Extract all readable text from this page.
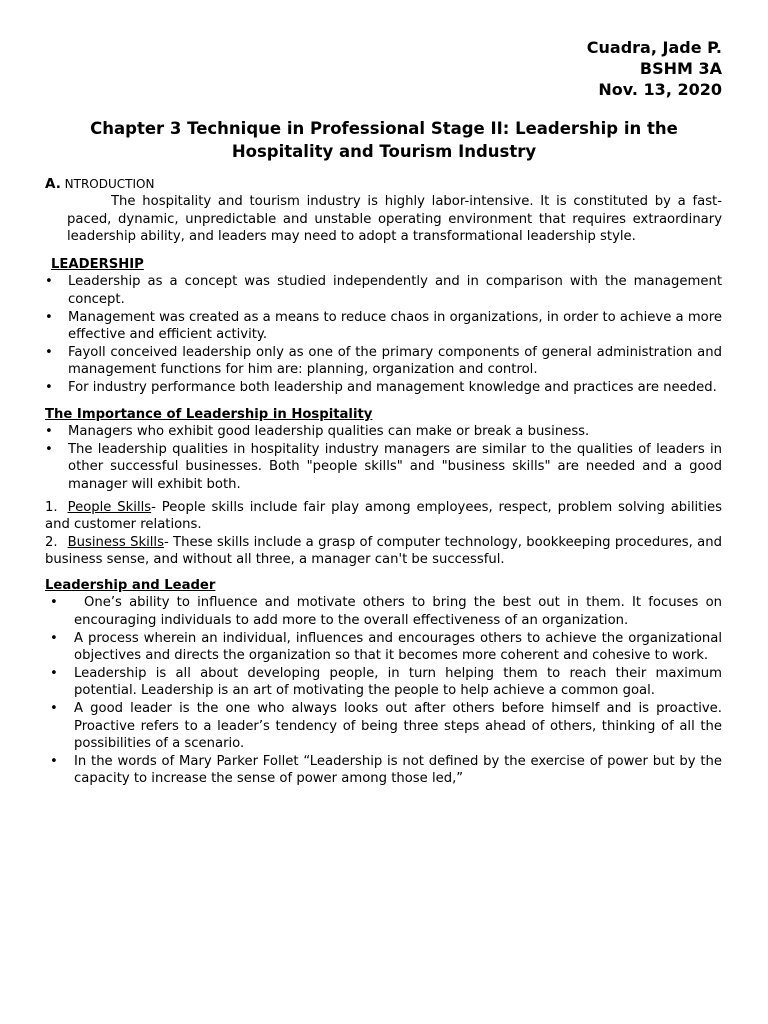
Cuadra, Jade P.
BSHM 3A
Nov. 13, 2020
Chapter 3 Technique in Professional Stage II: Leadership in the Hospitality and Tourism Industry

A. NTRODUCTION

The hospitality and tourism industry is highly labor-intensive. It is constituted by a fast-paced, dynamic, unpredictable and unstable operating environment that requires extraordinary leadership ability, and leaders may need to adopt a transformational leadership style.

LEADERSHIP

• Leadership as a concept was studied independently and in comparison with the management concept.
• Management was created as a means to reduce chaos in organizations, in order to achieve a more effective and efficient activity.
• Fayoll conceived leadership only as one of the primary components of general administration and management functions for him are: planning, organization and control.
• For industry performance both leadership and management knowledge and practices are needed.

The Importance of Leadership in Hospitality

• Managers who exhibit good leadership qualities can make or break a business.
• The leadership qualities in hospitality industry managers are similar to the qualities of leaders in other successful businesses. Both "people skills" and "business skills" are needed and a good manager will exhibit both.

1. People Skills- People skills include fair play among employees, respect, problem solving abilities and customer relations.

2. Business Skills- These skills include a grasp of computer technology, bookkeeping procedures, and business sense, and without all three, a manager can't be successful.

Leadership and Leader

• One’s ability to influence and motivate others to bring the best out in them. It focuses on encouraging individuals to add more to the overall effectiveness of an organization.
• A process wherein an individual, influences and encourages others to achieve the organizational objectives and directs the organization so that it becomes more coherent and cohesive to work.
• Leadership is all about developing people, in turn helping them to reach their maximum potential. Leadership is an art of motivating the people to help achieve a common goal.
• A good leader is the one who always looks out after others before himself and is proactive. Proactive refers to a leader’s tendency of being three steps ahead of others, thinking of all the possibilities of a scenario.
• In the words of Mary Parker Follet “Leadership is not defined by the exercise of power but by the capacity to increase the sense of power among those led,”
